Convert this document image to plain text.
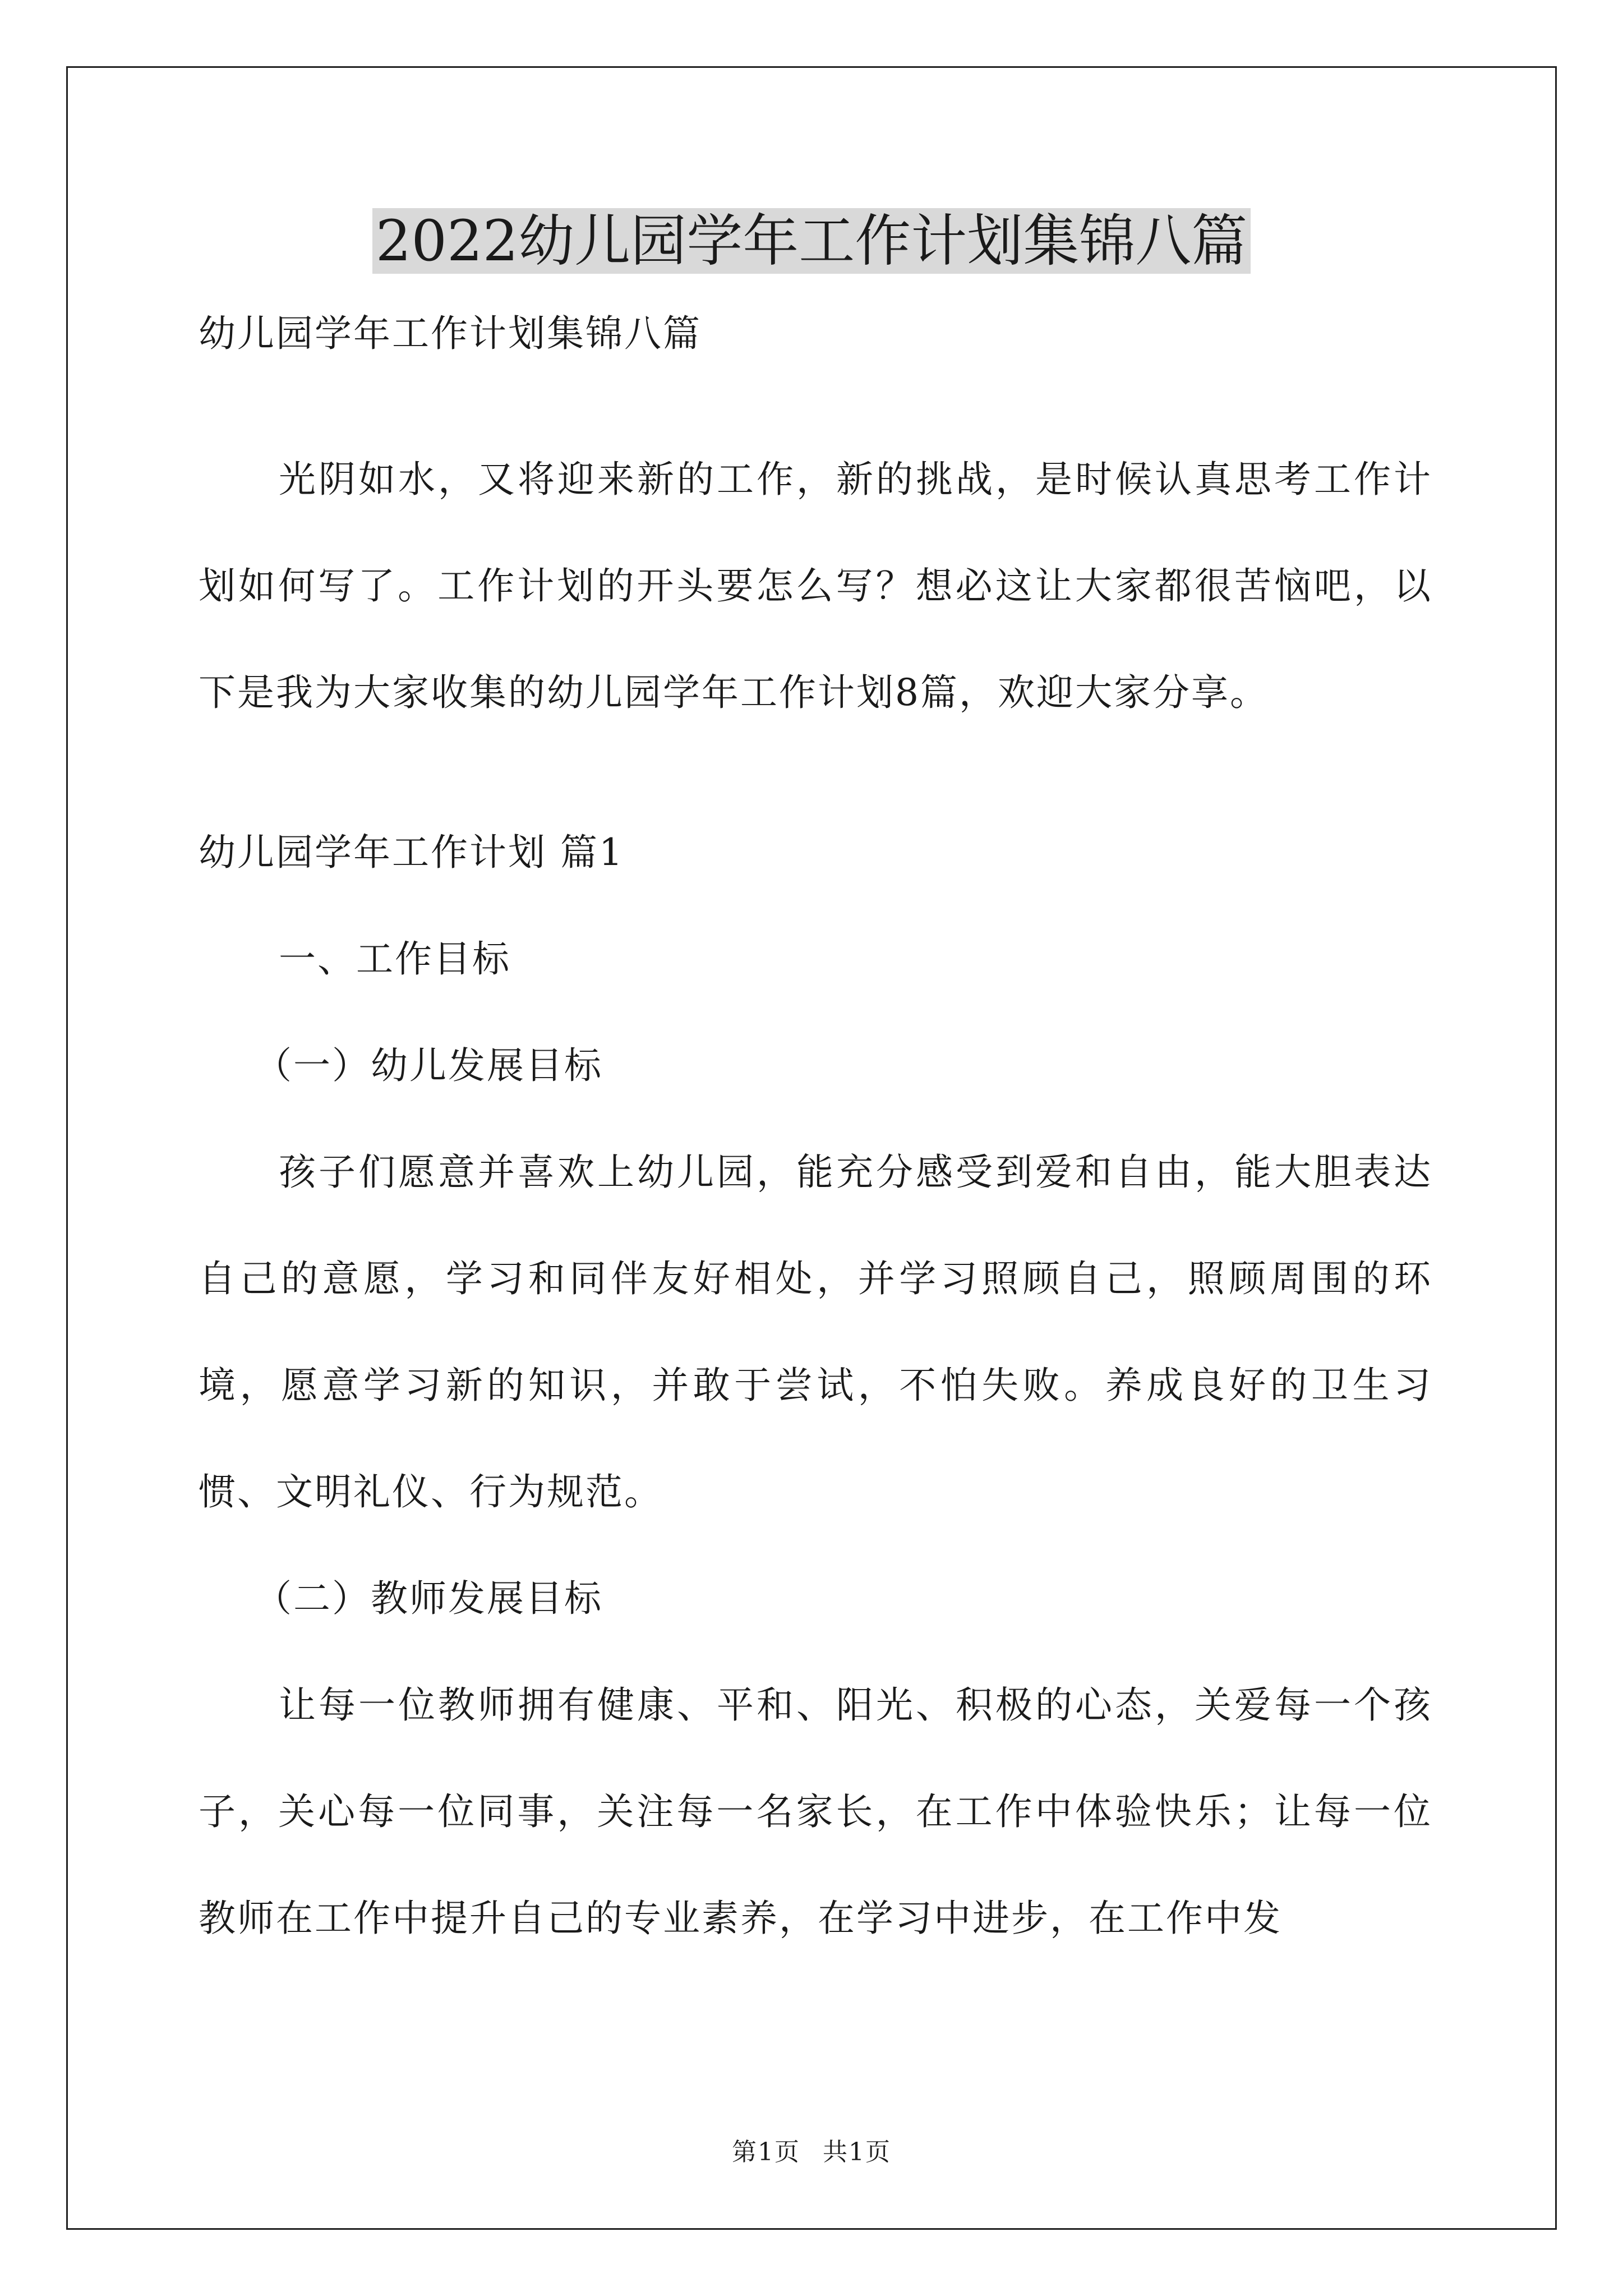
2022幼儿园学年工作计划集锦八篇

幼儿园学年工作计划集锦八篇

光阴如水，又将迎来新的工作，新的挑战，是时候认真思考工作计划如何写了。工作计划的开头要怎么写？想必这让大家都很苦恼吧，以下是我为大家收集的幼儿园学年工作计划8篇，欢迎大家分享。

幼儿园学年工作计划 篇1

一、工作目标

（一）幼儿发展目标

孩子们愿意并喜欢上幼儿园，能充分感受到爱和自由，能大胆表达自己的意愿，学习和同伴友好相处，并学习照顾自己，照顾周围的环境，愿意学习新的知识，并敢于尝试，不怕失败。养成良好的卫生习惯、文明礼仪、行为规范。

（二）教师发展目标

让每一位教师拥有健康、平和、阳光、积极的心态，关爱每一个孩子，关心每一位同事，关注每一名家长，在工作中体验快乐；让每一位教师在工作中提升自己的专业素养，在学习中进步，在工作中发

第1页 共1页
